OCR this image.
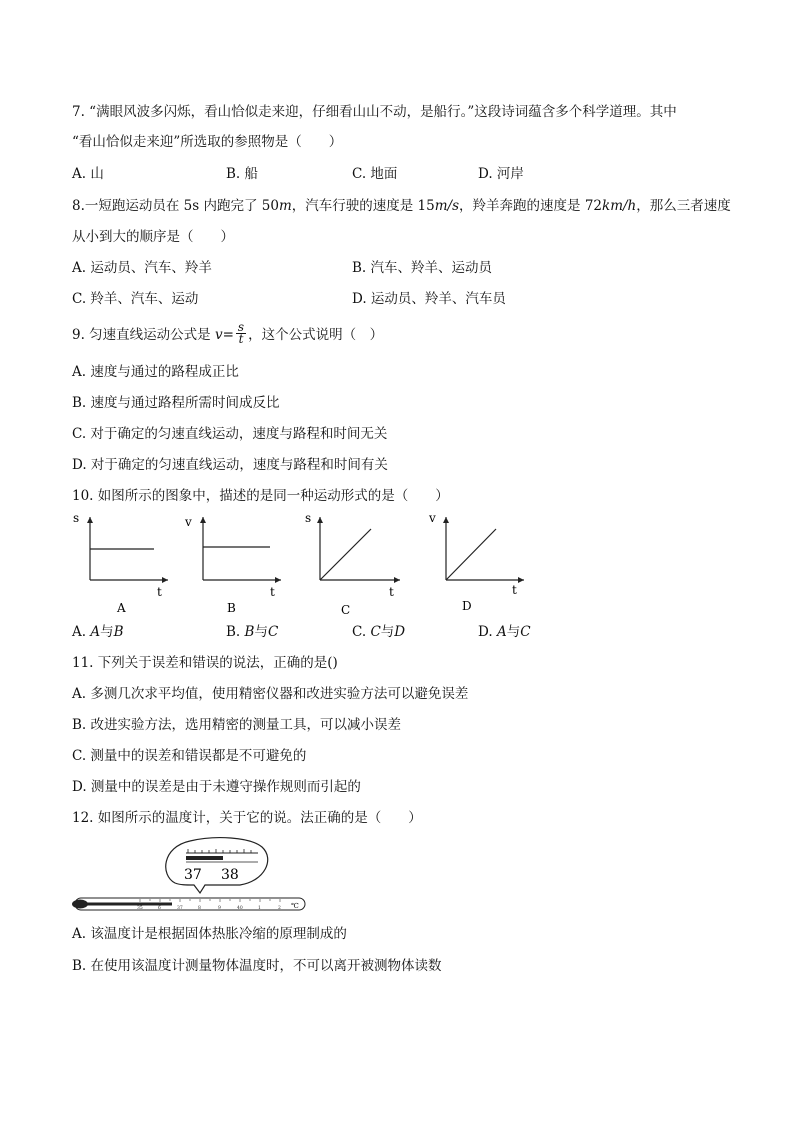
7. “满眼风波多闪烁，看山恰似走来迎，仔细看山山不动，是船行。”这段诗词蕴含多个科学道理。其中
“看山恰似走来迎”所选取的参照物是（　　）
A. 山	B. 船	C. 地面	D. 河岸
8.一短跑运动员在 5s 内跑完了 50m，汽车行驶的速度是 15m/s，羚羊奔跑的速度是 72km/h，那么三者速度
从小到大的顺序是（　　）
A. 运动员、汽车、羚羊	B. 汽车、羚羊、运动员
C. 羚羊、汽车、运动	D. 运动员、羚羊、汽车员
9. 匀速直线运动公式是 $v= \frac{s}{t}$ ，这个公式说明（　）
A. 速度与通过的路程成正比
B. 速度与通过路程所需时间成反比
C. 对于确定的匀速直线运动，速度与路程和时间无关
D. 对于确定的匀速直线运动，速度与路程和时间有关
10. 如图所示的图象中，描述的是同一种运动形式的是（　　）
s
t
A
v
t
B
s
t
C
v
t
D
A. A与B	B. B与C	C. C与D	D. A与C
11. 下列关于误差和错误的说法，正确的是()
A. 多测几次求平均值，使用精密仪器和改进实验方法可以避免误差
B. 改进实验方法，选用精密的测量工具，可以减小误差
C. 测量中的误差和错误都是不可避免的
D. 测量中的误差是由于未遵守操作规则而引起的
12. 如图所示的温度计，关于它的说。法正确的是（　　）
37 38
35	6	37	8	9	40	1	2 ℃
A. 该温度计是根据固体热胀冷缩的原理制成的
B. 在使用该温度计测量物体温度时，不可以离开被测物体读数
